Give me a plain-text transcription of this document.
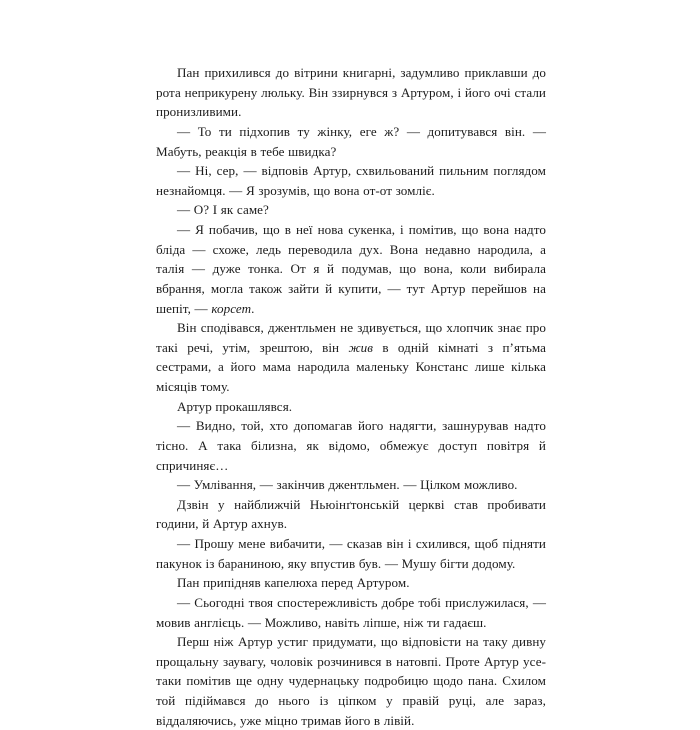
Пан прихилився до вітрини книгарні, задумливо приклавши до рота неприкурену люльку. Він ззирнувся з Артуром, і його очі стали пронизливими.

— То ти підхопив ту жінку, еге ж? — допитувався він. — Мабуть, реакція в тебе швидка?

— Ні, сер, — відповів Артур, схвильований пильним поглядом незнайомця. — Я зрозумів, що вона от-от зомліє.

— О? І як саме?

— Я побачив, що в неї нова сукенка, і помітив, що вона надто бліда — схоже, ледь переводила дух. Вона недавно народила, а талія — дуже тонка. От я й подумав, що вона, коли вибирала вбрання, могла також зайти й купити, — тут Артур перейшов на шепіт, — корсет.

Він сподівався, джентльмен не здивується, що хлопчик знає про такі речі, утім, зрештою, він жив в одній кімнаті з п’ятьма сестрами, а його мама народила маленьку Констанс лише кілька місяців тому.

Артур прокашлявся.

— Видно, той, хто допомагав його надягти, зашнурував надто тісно. А така білизна, як відомо, обмежує доступ повітря й спричиняє…

— Умлівання, — закінчив джентльмен. — Цілком можливо.

Дзвін у найближчій Ньюінґтонській церкві став пробивати години, й Артур ахнув.

— Прошу мене вибачити, — сказав він і схилився, щоб підняти пакунок із бараниною, яку впустив був. — Мушу бігти додому.

Пан припідняв капелюха перед Артуром.

— Сьогодні твоя спостережливість добре тобі прислужилася, — мовив англієць. — Можливо, навіть ліпше, ніж ти гадаєш.

Перш ніж Артур устиг придумати, що відповісти на таку дивну прощальну заувагу, чоловік розчинився в натовпі. Проте Артур усе-таки помітив ще одну чудернацьку подробицю щодо пана. Схилом той підіймався до нього із ціпком у правій руці, але зараз, віддаляючись, уже міцно тримав його в лівій.
